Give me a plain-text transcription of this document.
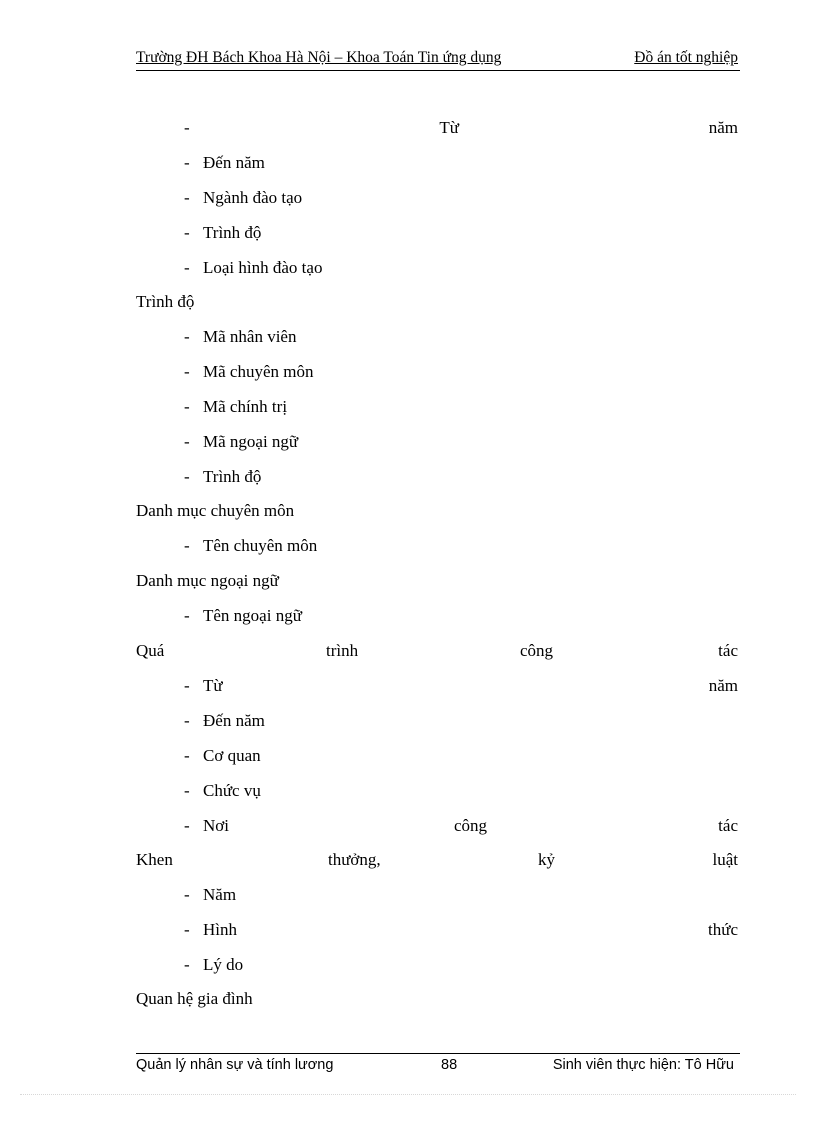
Trường ĐH Bách Khoa Hà Nội – Khoa Toán Tin ứng dụng	Đồ án tốt nghiệp
-	Từ	năm
- Đến năm
- Ngành đào tạo
- Trình độ
- Loại hình đào tạo
Trình độ
- Mã nhân viên
- Mã chuyên môn
- Mã chính trị
- Mã ngoại ngữ
- Trình độ
Danh mục chuyên môn
- Tên chuyên môn
Danh mục ngoại ngữ
- Tên ngoại ngữ
Quá	trình	công	tác
- Từ	năm
- Đến năm
- Cơ quan
- Chức vụ
- Nơi	công	tác
Khen	thưởng,	kỷ	luật
- Năm
- Hình	thức
- Lý do
Quan hệ gia đình
Quản lý nhân sự và tính lương	88	Sinh viên thực hiện: Tô Hữu
